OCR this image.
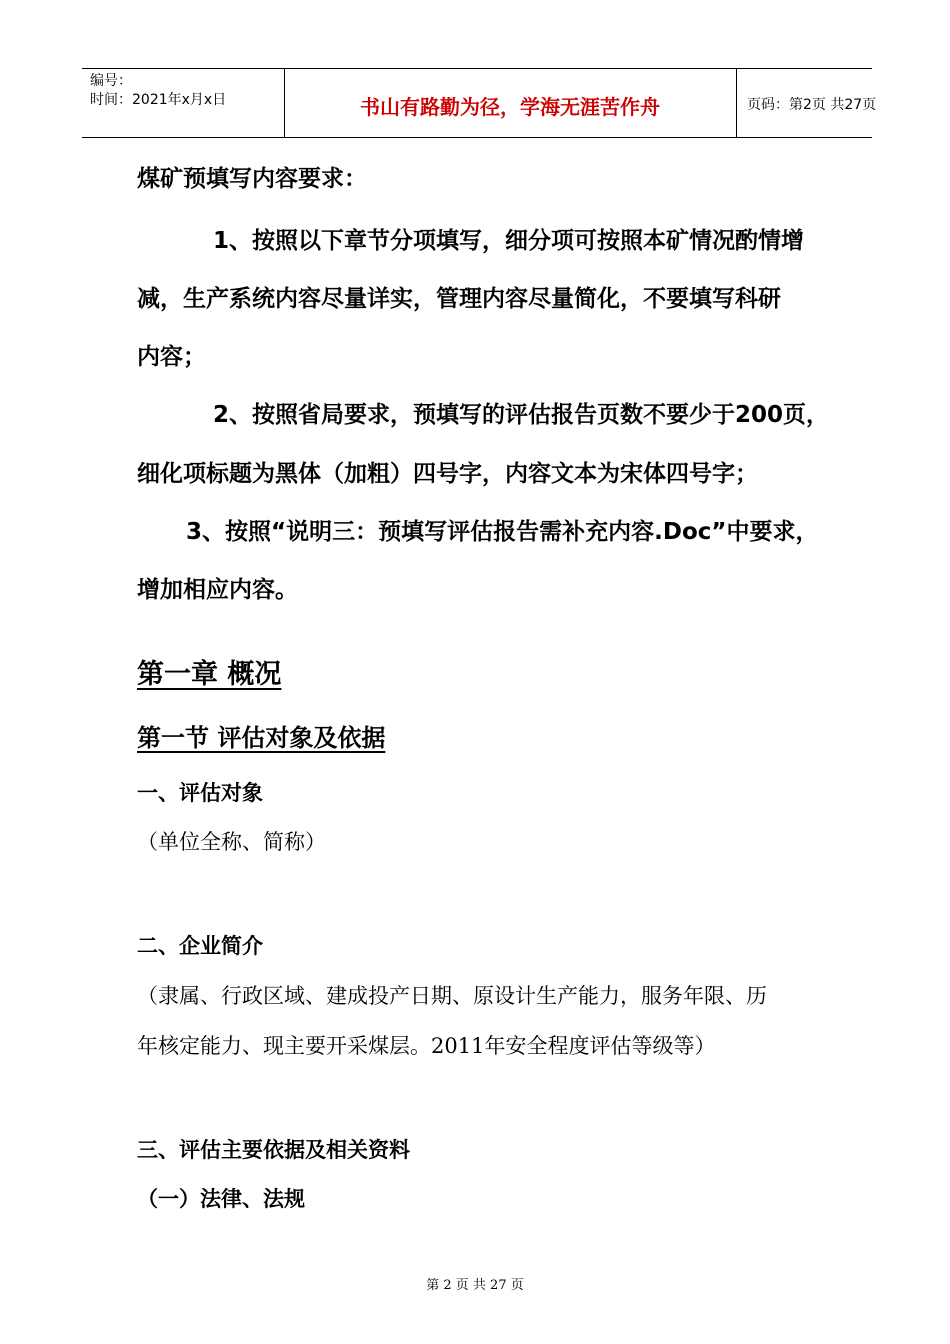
编号：
时间：2021年x月x日	书山有路勤为径，学海无涯苦作舟	页码：第2页 共27页
煤矿预填写内容要求：
1、按照以下章节分项填写，细分项可按照本矿情况酌情增
减，生产系统内容尽量详实，管理内容尽量简化，不要填写科研
内容；
2、按照省局要求，预填写的评估报告页数不要少于200页，
细化项标题为黑体（加粗）四号字，内容文本为宋体四号字；
3、按照“说明三：预填写评估报告需补充内容.Doc”中要求，
增加相应内容。
第一章 概况
第一节 评估对象及依据
一、评估对象
（单位全称、简称）
二、企业简介
（隶属、行政区域、建成投产日期、原设计生产能力，服务年限、历
年核定能力、现主要开采煤层。2011年安全程度评估等级等）
三、评估主要依据及相关资料
（一）法律、法规
第 2 页 共 27 页
